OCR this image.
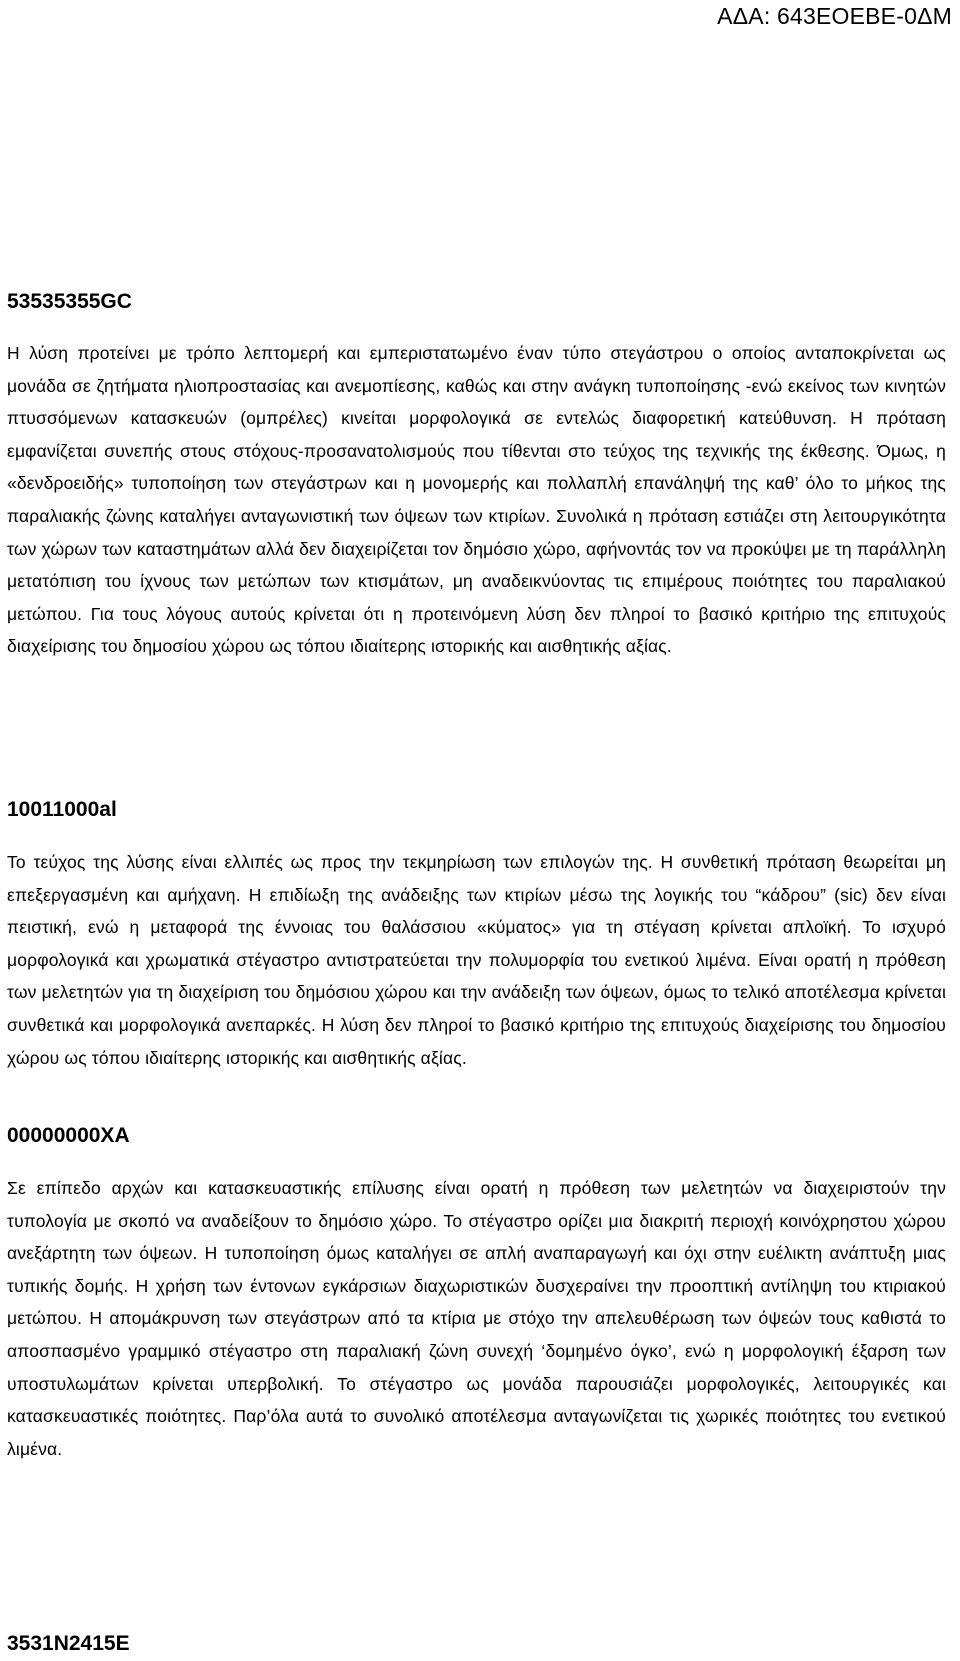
ΑΔΑ: 643ΕΟΕΒΕ-0ΔΜ

53535355GC

Η λύση προτείνει με τρόπο λεπτομερή και εμπεριστατωμένο έναν τύπο στεγάστρου ο οποίος ανταποκρίνεται ως μονάδα σε ζητήματα ηλιοπροστασίας και ανεμοπίεσης, καθώς και στην ανάγκη τυποποίησης -ενώ εκείνος των κινητών πτυσσόμενων κατασκευών (ομπρέλες) κινείται μορφολογικά σε εντελώς διαφορετική κατεύθυνση. Η πρόταση εμφανίζεται συνεπής στους στόχους-προσανατολισμούς που τίθενται στο τεύχος της τεχνικής της έκθεσης. Όμως, η «δενδροειδής» τυποποίηση των στεγάστρων και η μονομερής και πολλαπλή επανάληψή της καθ’ όλο το μήκος της παραλιακής ζώνης καταλήγει ανταγωνιστική των όψεων των κτιρίων. Συνολικά η πρόταση εστιάζει στη λειτουργικότητα των χώρων των καταστημάτων αλλά δεν διαχειρίζεται τον δημόσιο χώρο, αφήνοντάς τον να προκύψει με τη παράλληλη μετατόπιση του ίχνους των μετώπων των κτισμάτων, μη αναδεικνύοντας τις επιμέρους ποιότητες του παραλιακού μετώπου. Για τους λόγους αυτούς κρίνεται ότι η προτεινόμενη λύση δεν πληροί το βασικό κριτήριο της επιτυχούς διαχείρισης του δημοσίου χώρου ως τόπου ιδιαίτερης ιστορικής και αισθητικής αξίας.

10011000al

Το τεύχος της λύσης είναι ελλιπές ως προς την τεκμηρίωση των επιλογών της. Η συνθετική πρόταση θεωρείται μη επεξεργασμένη και αμήχανη. Η επιδίωξη της ανάδειξης των κτιρίων μέσω της λογικής του “κάδρου” (sic) δεν είναι πειστική, ενώ η μεταφορά της έννοιας του θαλάσσιου «κύματος» για τη στέγαση κρίνεται απλοϊκή. Το ισχυρό μορφολογικά και χρωματικά στέγαστρο αντιστρατεύεται την πολυμορφία του ενετικού λιμένα. Είναι ορατή η πρόθεση των μελετητών για τη διαχείριση του δημόσιου χώρου και την ανάδειξη των όψεων, όμως το τελικό αποτέλεσμα κρίνεται συνθετικά και μορφολογικά ανεπαρκές. Η λύση δεν πληροί το βασικό κριτήριο της επιτυχούς διαχείρισης του δημοσίου χώρου ως τόπου ιδιαίτερης ιστορικής και αισθητικής αξίας.

00000000XA

Σε επίπεδο αρχών και κατασκευαστικής επίλυσης είναι ορατή η πρόθεση των μελετητών να διαχειριστούν την τυπολογία με σκοπό να αναδείξουν το δημόσιο χώρο. Το στέγαστρο ορίζει μια διακριτή περιοχή κοινόχρηστου χώρου ανεξάρτητη των όψεων. Η τυποποίηση όμως καταλήγει σε απλή αναπαραγωγή και όχι στην ευέλικτη ανάπτυξη μιας τυπικής δομής. Η χρήση των έντονων εγκάρσιων διαχωριστικών δυσχεραίνει την προοπτική αντίληψη του κτιριακού μετώπου. Η απομάκρυνση των στεγάστρων από τα κτίρια με στόχο την απελευθέρωση των όψεών τους καθιστά το αποσπασμένο γραμμικό στέγαστρο στη παραλιακή ζώνη συνεχή ‘δομημένο όγκο’, ενώ η μορφολογική έξαρση των υποστυλωμάτων κρίνεται υπερβολική. Το στέγαστρο ως μονάδα παρουσιάζει μορφολογικές, λειτουργικές και κατασκευαστικές ποιότητες. Παρ’όλα αυτά το συνολικό αποτέλεσμα ανταγωνίζεται τις χωρικές ποιότητες του ενετικού λιμένα.

3531N2415E
